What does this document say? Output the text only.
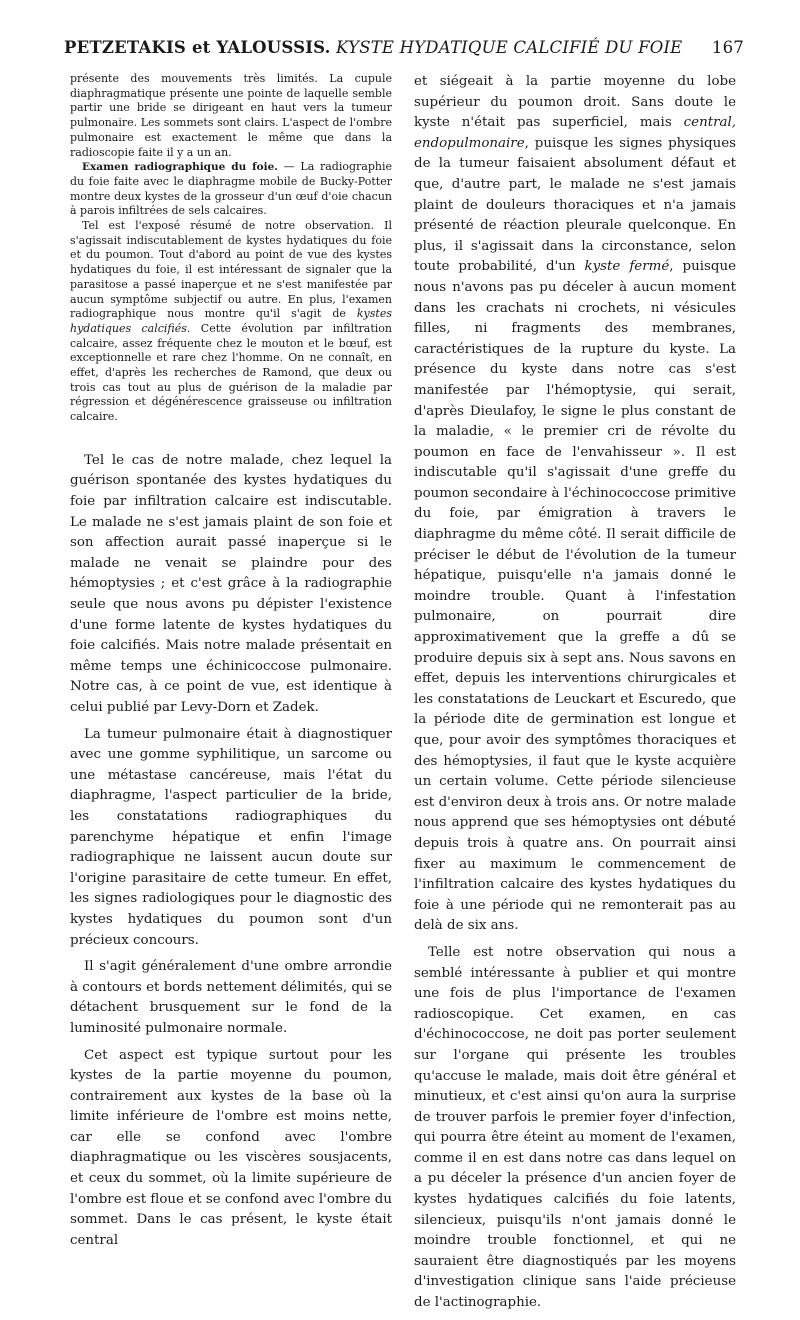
PETZETAKIS et YALOUSSIS. KYSTE HYDATIQUE CALCIFIÉ DU FOIE 167

présente des mouvements très limités. La cupule diaphragmatique présente une pointe de laquelle semble partir une bride se dirigeant en haut vers la tumeur pulmonaire. Les sommets sont clairs. L'aspect de l'ombre pulmonaire est exactement le même que dans la radioscopie faite il y a un an.

Examen radiographique du foie. — La radiographie du foie faite avec le diaphragme mobile de Bucky-Potter montre deux kystes de la grosseur d'un œuf d'oie chacun à parois infiltrées de sels calcaires.

Tel est l'exposé résumé de notre observation. Il s'agissait indiscutablement de kystes hydatiques du foie et du poumon. Tout d'abord au point de vue des kystes hydatiques du foie, il est intéressant de signaler que la parasitose a passé inaperçue et ne s'est manifestée par aucun symptôme subjectif ou autre. En plus, l'examen radiographique nous montre qu'il s'agit de kystes hydatiques calcifiés. Cette évolution par infiltration calcaire, assez fréquente chez le mouton et le bœuf, est exceptionnelle et rare chez l'homme. On ne connaît, en effet, d'après les recherches de Ramond, que deux ou trois cas tout au plus de guérison de la maladie par régression et dégénérescence graisseuse ou infiltration calcaire.

Tel le cas de notre malade, chez lequel la guérison spontanée des kystes hydatiques du foie par infiltration calcaire est indiscutable. Le malade ne s'est jamais plaint de son foie et son affection aurait passé inaperçue si le malade ne venait se plaindre pour des hémoptysies ; et c'est grâce à la radiographie seule que nous avons pu dépister l'existence d'une forme latente de kystes hydatiques du foie calcifiés. Mais notre malade présentait en même temps une échinicoccose pulmonaire. Notre cas, à ce point de vue, est identique à celui publié par Levy-Dorn et Zadek.

La tumeur pulmonaire était à diagnostiquer avec une gomme syphilitique, un sarcome ou une métastase cancéreuse, mais l'état du diaphragme, l'aspect particulier de la bride, les constatations radiographiques du parenchyme hépatique et enfin l'image radiographique ne laissent aucun doute sur l'origine parasitaire de cette tumeur. En effet, les signes radiologiques pour le diagnostic des kystes hydatiques du poumon sont d'un précieux concours.

Il s'agit généralement d'une ombre arrondie à contours et bords nettement délimités, qui se détachent brusquement sur le fond de la luminosité pulmonaire normale.

Cet aspect est typique surtout pour les kystes de la partie moyenne du poumon, contrairement aux kystes de la base où la limite inférieure de l'ombre est moins nette, car elle se confond avec l'ombre diaphragmatique ou les viscères sousjacents, et ceux du sommet, où la limite supérieure de l'ombre est floue et se confond avec l'ombre du sommet. Dans le cas présent, le kyste était central

et siégeait à la partie moyenne du lobe supérieur du poumon droit. Sans doute le kyste n'était pas superficiel, mais central, endopulmonaire, puisque les signes physiques de la tumeur faisaient absolument défaut et que, d'autre part, le malade ne s'est jamais plaint de douleurs thoraciques et n'a jamais présenté de réaction pleurale quelconque. En plus, il s'agissait dans la circonstance, selon toute probabilité, d'un kyste fermé, puisque nous n'avons pas pu déceler à aucun moment dans les crachats ni crochets, ni vésicules filles, ni fragments des membranes, caractéristiques de la rupture du kyste. La présence du kyste dans notre cas s'est manifestée par l'hémoptysie, qui serait, d'après Dieulafoy, le signe le plus constant de la maladie, « le premier cri de révolte du poumon en face de l'envahisseur ». Il est indiscutable qu'il s'agissait d'une greffe du poumon secondaire à l'échinococcose primitive du foie, par émigration à travers le diaphragme du même côté. Il serait difficile de préciser le début de l'évolution de la tumeur hépatique, puisqu'elle n'a jamais donné le moindre trouble. Quant à l'infestation pulmonaire, on pourrait dire approximativement que la greffe a dû se produire depuis six à sept ans. Nous savons en effet, depuis les interventions chirurgicales et les constatations de Leuckart et Escuredo, que la période dite de germination est longue et que, pour avoir des symptômes thoraciques et des hémoptysies, il faut que le kyste acquière un certain volume. Cette période silencieuse est d'environ deux à trois ans. Or notre malade nous apprend que ses hémoptysies ont débuté depuis trois à quatre ans. On pourrait ainsi fixer au maximum le commencement de l'infiltration calcaire des kystes hydatiques du foie à une période qui ne remonterait pas au delà de six ans.

Telle est notre observation qui nous a semblé intéressante à publier et qui montre une fois de plus l'importance de l'examen radioscopique. Cet examen, en cas d'échinococcose, ne doit pas porter seulement sur l'organe qui présente les troubles qu'accuse le malade, mais doit être général et minutieux, et c'est ainsi qu'on aura la surprise de trouver parfois le premier foyer d'infection, qui pourra être éteint au moment de l'examen, comme il en est dans notre cas dans lequel on a pu déceler la présence d'un ancien foyer de kystes hydatiques calcifiés du foie latents, silencieux, puisqu'ils n'ont jamais donné le moindre trouble fonctionnel, et qui ne sauraient être diagnostiqués par les moyens d'investigation clinique sans l'aide précieuse de l'actinographie.
